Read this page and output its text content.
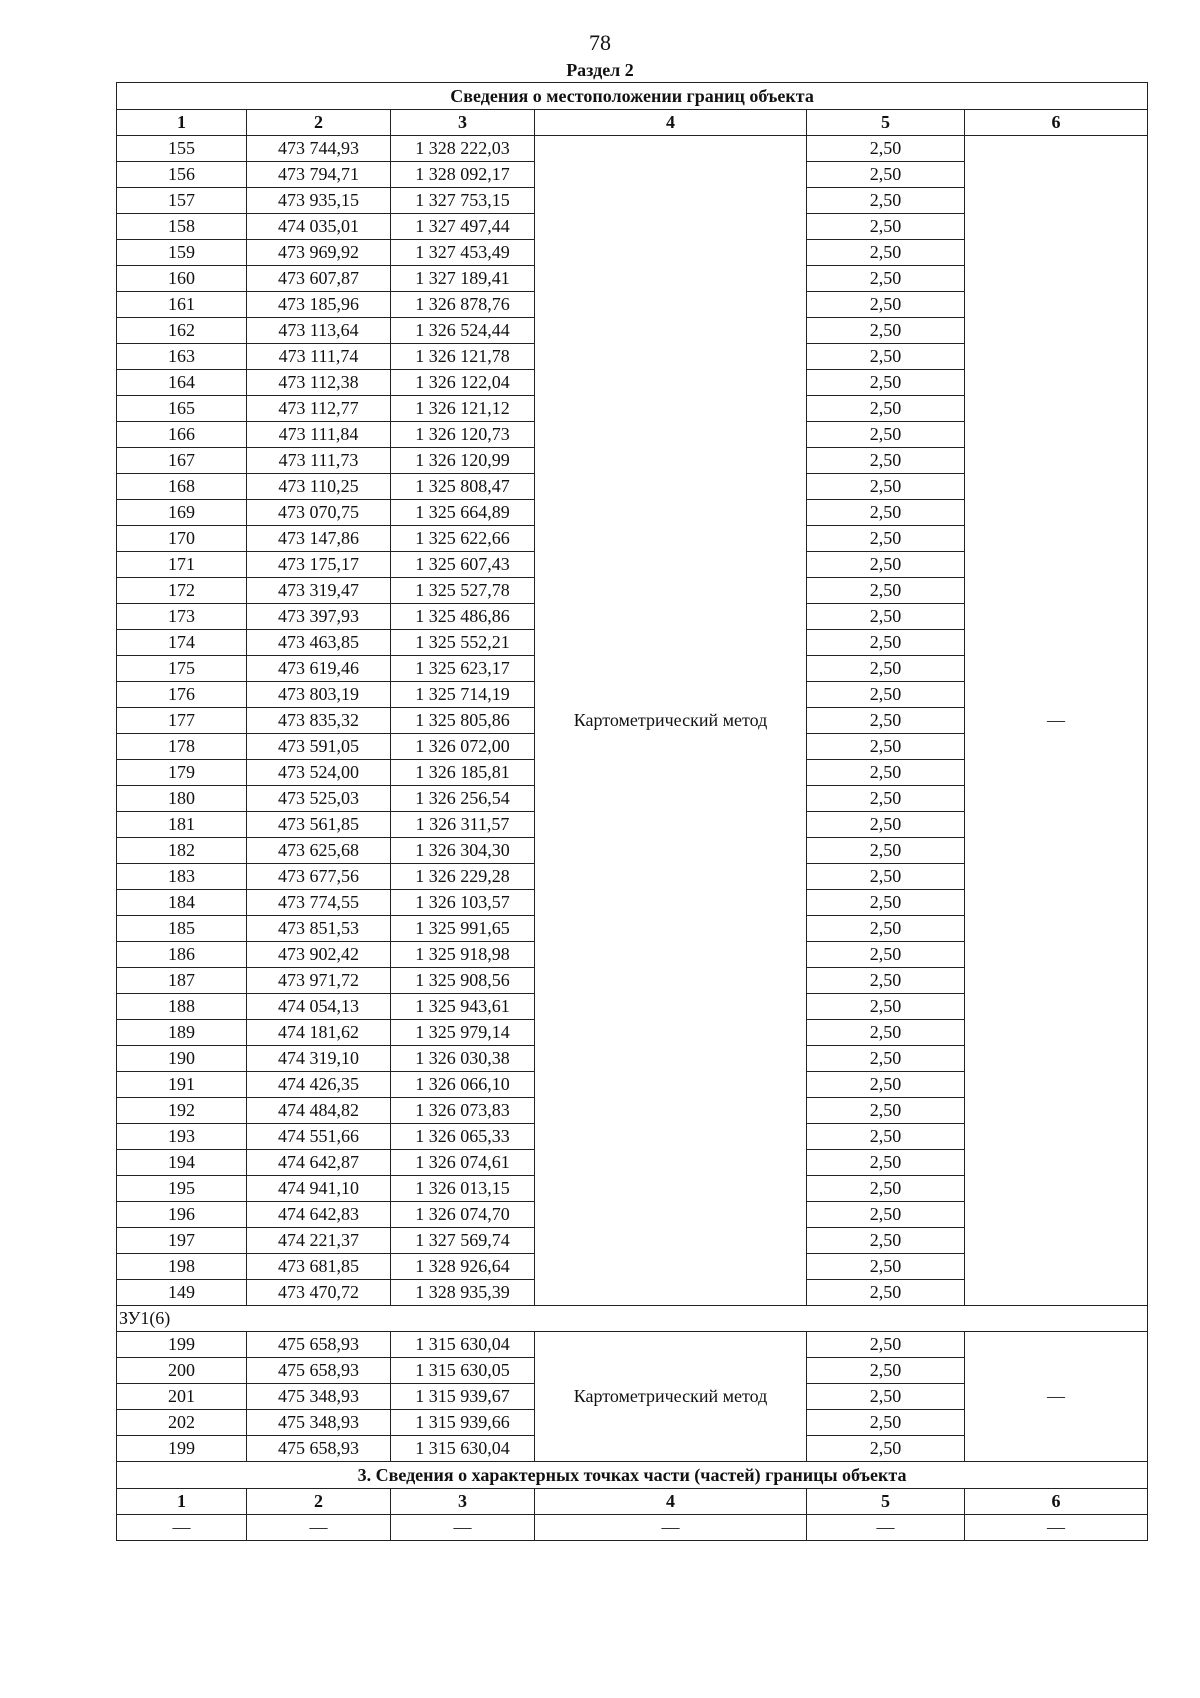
78
Раздел 2
Сведения о местоположении границ объекта					
1	2	3	4	5	6
155	473 744,93	1 328 222,03	Картометрический метод	2,50	—
156	473 794,71	1 328 092,17		2,50	
157	473 935,15	1 327 753,15		2,50	
158	474 035,01	1 327 497,44		2,50	
159	473 969,92	1 327 453,49		2,50	
160	473 607,87	1 327 189,41		2,50	
161	473 185,96	1 326 878,76		2,50	
162	473 113,64	1 326 524,44		2,50	
163	473 111,74	1 326 121,78		2,50	
164	473 112,38	1 326 122,04		2,50	
165	473 112,77	1 326 121,12		2,50	
166	473 111,84	1 326 120,73		2,50	
167	473 111,73	1 326 120,99		2,50	
168	473 110,25	1 325 808,47		2,50	
169	473 070,75	1 325 664,89		2,50	
170	473 147,86	1 325 622,66		2,50	
171	473 175,17	1 325 607,43		2,50	
172	473 319,47	1 325 527,78		2,50	
173	473 397,93	1 325 486,86		2,50	
174	473 463,85	1 325 552,21		2,50	
175	473 619,46	1 325 623,17		2,50	
176	473 803,19	1 325 714,19		2,50	
177	473 835,32	1 325 805,86		2,50	
178	473 591,05	1 326 072,00		2,50	
179	473 524,00	1 326 185,81		2,50	
180	473 525,03	1 326 256,54		2,50	
181	473 561,85	1 326 311,57		2,50	
182	473 625,68	1 326 304,30		2,50	
183	473 677,56	1 326 229,28		2,50	
184	473 774,55	1 326 103,57		2,50	
185	473 851,53	1 325 991,65		2,50	
186	473 902,42	1 325 918,98		2,50	
187	473 971,72	1 325 908,56		2,50	
188	474 054,13	1 325 943,61		2,50	
189	474 181,62	1 325 979,14		2,50	
190	474 319,10	1 326 030,38		2,50	
191	474 426,35	1 326 066,10		2,50	
192	474 484,82	1 326 073,83		2,50	
193	474 551,66	1 326 065,33		2,50	
194	474 642,87	1 326 074,61		2,50	
195	474 941,10	1 326 013,15		2,50	
196	474 642,83	1 326 074,70		2,50	
197	474 221,37	1 327 569,74		2,50	
198	473 681,85	1 328 926,64		2,50	
149	473 470,72	1 328 935,39		2,50	
ЗУ1(6)					
199	475 658,93	1 315 630,04	Картометрический метод	2,50	—
200	475 658,93	1 315 630,05		2,50	
201	475 348,93	1 315 939,67		2,50	
202	475 348,93	1 315 939,66		2,50	
199	475 658,93	1 315 630,04		2,50	
3. Сведения о характерных точках части (частей) границы объекта					
1	2	3	4	5	6
—	—	—	—	—	—
